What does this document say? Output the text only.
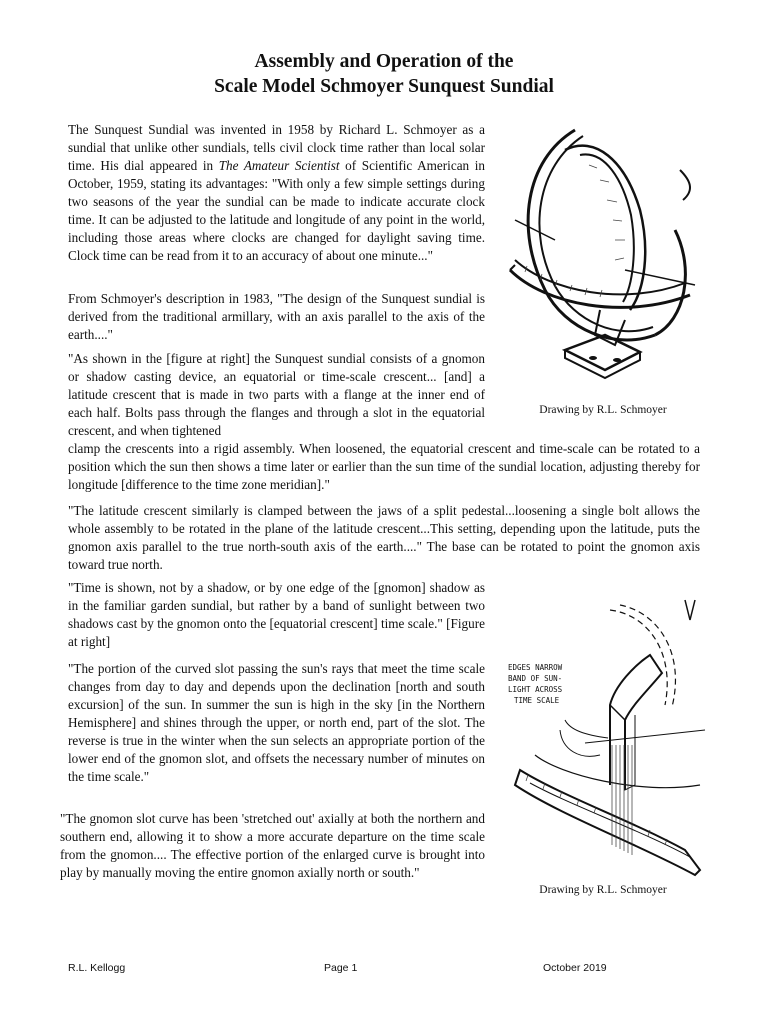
Assembly and Operation of the
Scale Model Schmoyer Sunquest Sundial

The Sunquest Sundial was invented in 1958 by Richard L. Schmoyer as a sundial that unlike other sundials, tells civil clock time rather than local solar time. His dial appeared in The Amateur Scientist of Scientific American in October, 1959, stating its advantages: "With only a few simple settings during two seasons of the year the sundial can be made to indicate accurate clock time. It can be adjusted to the latitude and longitude of any point in the world, including those areas where clocks are changed for daylight saving time. Clock time can be read from it to an accuracy of about one minute..."

From Schmoyer's description in 1983, "The design of the Sunquest sundial is derived from the traditional armillary, with an axis parallel to the axis of the earth...."

"As shown in the [figure at right] the Sunquest sundial consists of a gnomon or shadow casting device, an equatorial or time-scale crescent... [and] a latitude crescent that is made in two parts with a flange at the inner end of each half. Bolts pass through the flanges and through a slot in the equatorial crescent, and when tightened

clamp the crescents into a rigid assembly. When loosened, the equatorial crescent and time-scale can be rotated to a position which the sun then shows a time later or earlier than the sun time of the sundial location, adjusting thereby for longitude [difference to the time zone meridian]."

"The latitude crescent similarly is clamped between the jaws of a split pedestal...loosening a single bolt allows the whole assembly to be rotated in the plane of the latitude crescent...This setting, depending upon the latitude, puts the gnomon axis parallel to the true north-south axis of the earth...." The base can be rotated to point the gnomon axis toward true north.

"Time is shown, not by a shadow, or by one edge of the [gnomon] shadow as in the familiar garden sundial, but rather by a band of sunlight between two shadows cast by the gnomon onto the [equatorial crescent] time scale." [Figure at right]

"The portion of the curved slot passing the sun's rays that meet the time scale changes from day to day and depends upon the declination [north and south excursion] of the sun. In summer the sun is high in the sky [in the Northern Hemisphere] and shines through the upper, or north end, part of the slot. The reverse is true in the winter when the sun selects an appropriate portion of the lower end of the gnomon slot, and offsets the necessary number of minutes on the time scale."

"The gnomon slot curve has been 'stretched out' axially at both the northern and southern end, allowing it to show a more accurate departure on the time scale from the gnomon.... The effective portion of the enlarged curve is brought into play by manually moving the entire gnomon axially north or south."

Drawing by R.L. Schmoyer
EDGES NARROW
BAND OF SUN-
LIGHT ACROSS
TIME SCALE
Drawing by R.L. Schmoyer
R.L. Kellogg	Page 1	October 2019
